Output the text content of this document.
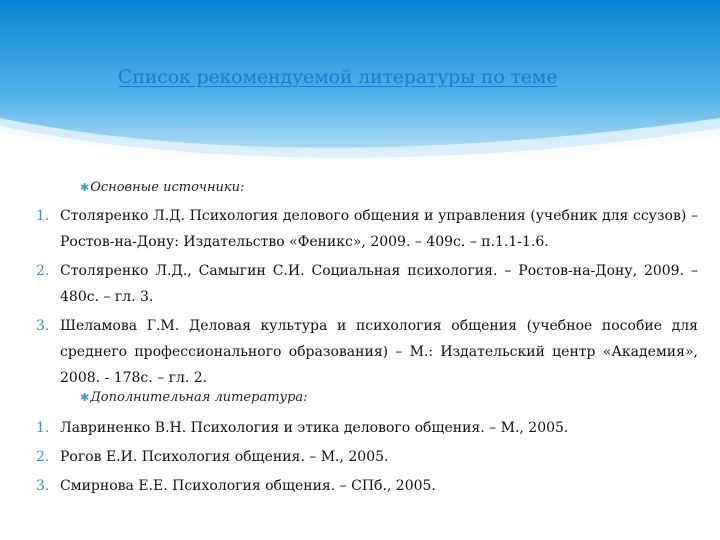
Список рекомендуемой литературы по теме
✱Основные источники:
1. Столяренко Л.Д. Психология делового общения и управления (учебник для ссузов) – Ростов-на-Дону: Издательство «Феникс», 2009. – 409с. – п.1.1-1.6.
2. Столяренко Л.Д., Самыгин С.И. Социальная психология. – Ростов-на-Дону, 2009. – 480с. – гл. 3.
3. Шеламова Г.М. Деловая культура и психология общения (учебное пособие для среднего профессионального образования) – М.: Издательский центр «Академия», 2008. - 178с. – гл. 2.
✱Дополнительная литература:
1. Лавриненко В.Н. Психология и этика делового общения. – М., 2005.
2. Рогов Е.И. Психология общения. – М., 2005.
3. Смирнова Е.Е. Психология общения. – СПб., 2005.
